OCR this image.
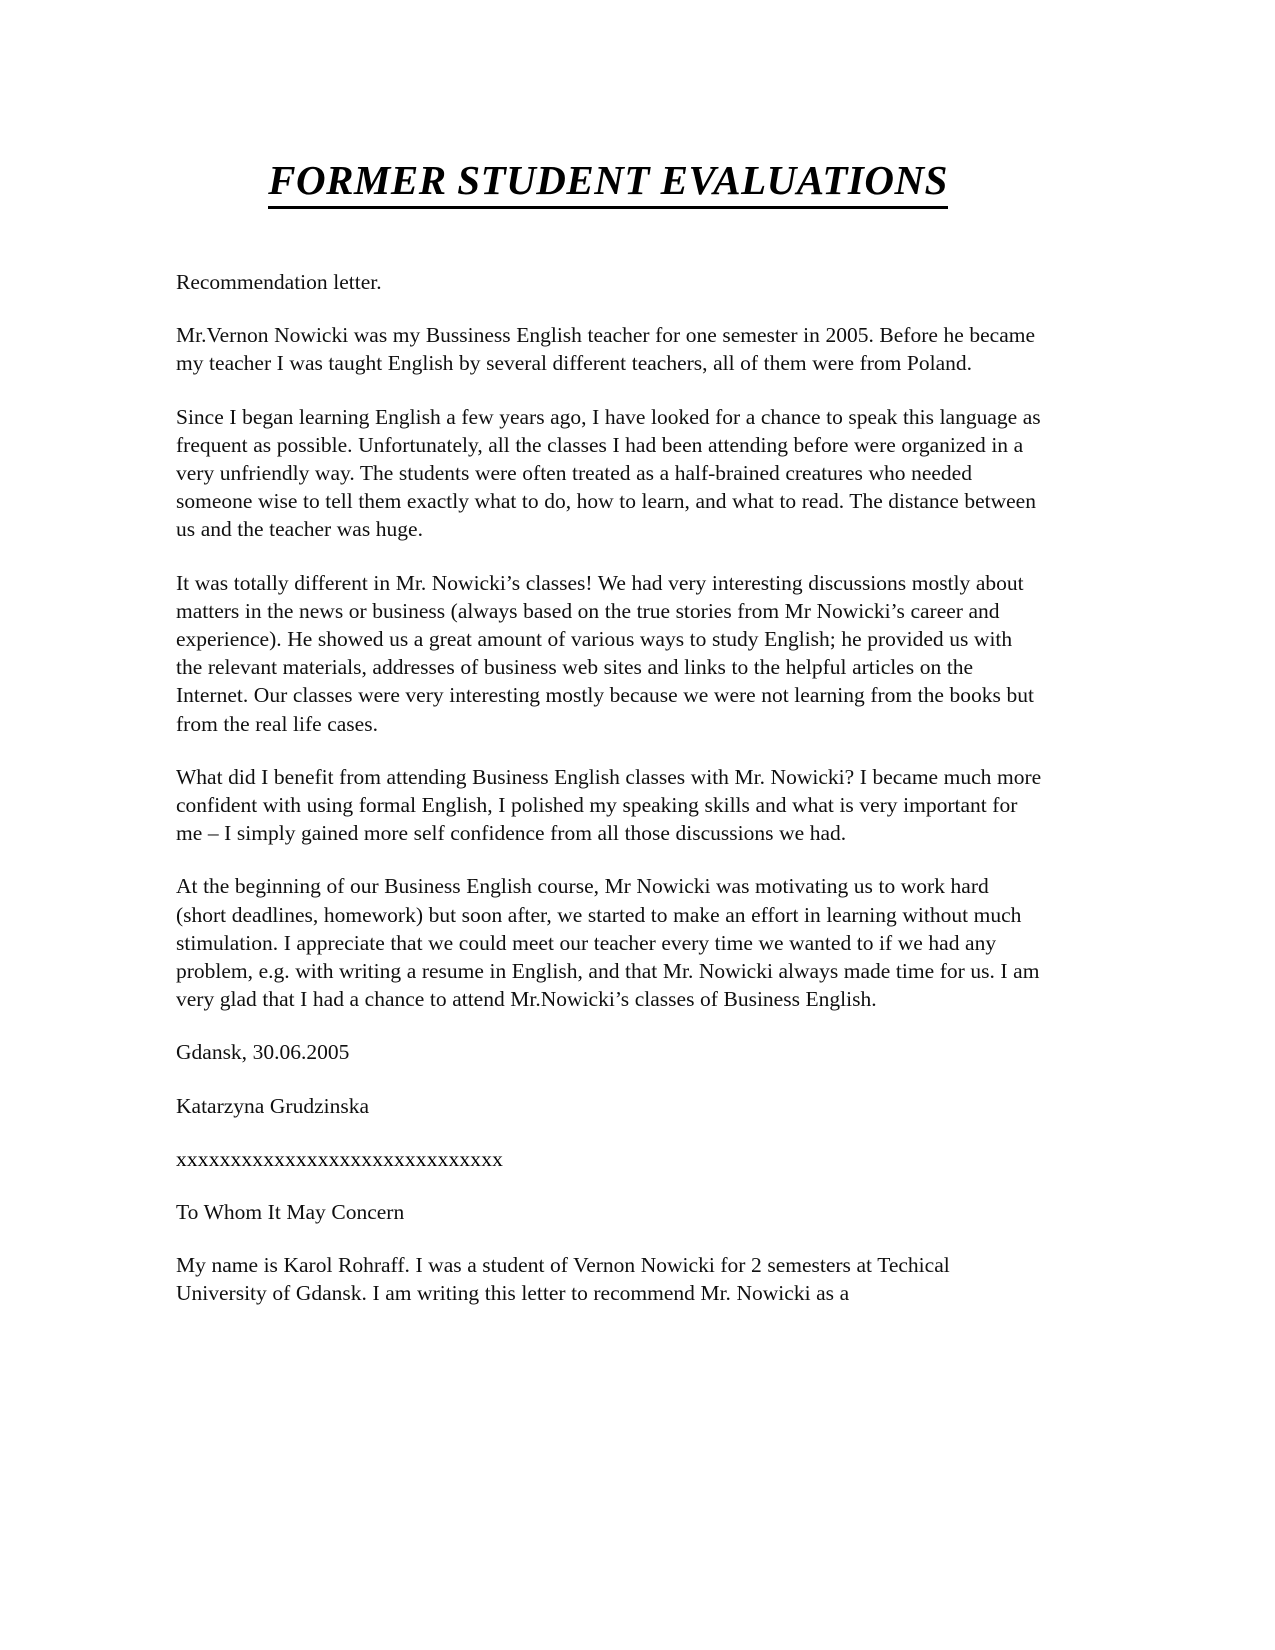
FORMER STUDENT EVALUATIONS

Recommendation letter.

Mr.Vernon Nowicki was my Bussiness English teacher for one semester in 2005. Before he became my teacher I was taught English by several different teachers, all of them were from Poland.

Since I began learning English a few years ago, I have looked for a chance to speak this language as frequent as possible. Unfortunately, all the classes I had been attending before were organized in a very unfriendly way. The students were often treated as a half-brained creatures who needed someone wise to tell them exactly what to do, how to learn, and what to read. The distance between us and the teacher was huge.

It was totally different in Mr. Nowicki’s classes! We had very interesting discussions mostly about matters in the news or business (always based on the true stories from Mr Nowicki’s career and experience). He showed us a great amount of various ways to study English; he provided us with the relevant materials, addresses of business web sites and links to the helpful articles on the Internet. Our classes were very interesting mostly because we were not learning from the books but from the real life cases.

What did I benefit from attending Business English classes with Mr. Nowicki? I became much more confident with using formal English, I polished my speaking skills and what is very important for me – I simply gained more self confidence from all those discussions we had.

At the beginning of our Business English course, Mr Nowicki was motivating us to work hard (short deadlines, homework) but soon after, we started to make an effort in learning without much stimulation. I appreciate that we could meet our teacher every time we wanted to if we had any problem, e.g. with writing a resume in English, and that Mr. Nowicki always made time for us. I am very glad that I had a chance to attend Mr.Nowicki’s classes of Business English.

Gdansk, 30.06.2005

Katarzyna Grudzinska

xxxxxxxxxxxxxxxxxxxxxxxxxxxxxx

To Whom It May Concern

My name is Karol Rohraff. I was a student of Vernon Nowicki for 2 semesters at Techical University of Gdansk. I am writing this letter to recommend Mr. Nowicki as a
